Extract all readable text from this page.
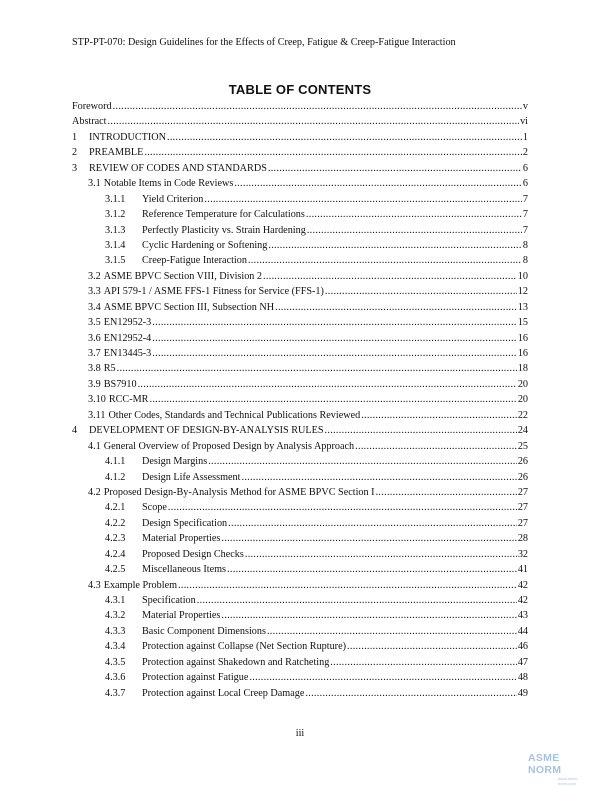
STP-PT-070: Design Guidelines for the Effects of Creep, Fatigue & Creep-Fatigue Interaction
TABLE OF CONTENTS
Foreword .....	v
Abstract .....	vi
1	INTRODUCTION .....	1
2	PREAMBLE .....	2
3	REVIEW OF CODES AND STANDARDS .....	6
3.1 Notable Items in Code Reviews .....	6
3.1.1	Yield Criterion .....	7
3.1.2	Reference Temperature for Calculations .....	7
3.1.3	Perfectly Plasticity vs. Strain Hardening .....	7
3.1.4	Cyclic Hardening or Softening .....	8
3.1.5	Creep-Fatigue Interaction .....	8
3.2 ASME BPVC Section VIII, Division 2 .....	10
3.3 API 579-1 / ASME FFS-1 Fitness for Service (FFS-1) .....	12
3.4 ASME BPVC Section III, Subsection NH .....	13
3.5 EN12952-3 .....	15
3.6 EN12952-4 .....	16
3.7 EN13445-3 .....	16
3.8 R5 .....	18
3.9 BS7910 .....	20
3.10 RCC-MR .....	20
3.11 Other Codes, Standards and Technical Publications Reviewed .....	22
4	DEVELOPMENT OF DESIGN-BY-ANALYSIS RULES .....	24
4.1 General Overview of Proposed Design by Analysis Approach .....	25
4.1.1	Design Margins .....	26
4.1.2	Design Life Assessment .....	26
4.2 Proposed Design-By-Analysis Method for ASME BPVC Section I .....	27
4.2.1	Scope .....	27
4.2.2	Design Specification .....	27
4.2.3	Material Properties .....	28
4.2.4	Proposed Design Checks .....	32
4.2.5	Miscellaneous Items .....	41
4.3 Example Problem .....	42
4.3.1	Specification .....	42
4.3.2	Material Properties .....	43
4.3.3	Basic Component Dimensions .....	44
4.3.4	Protection against Collapse (Net Section Rupture) .....	46
4.3.5	Protection against Shakedown and Ratcheting .....	47
4.3.6	Protection against Fatigue .....	48
4.3.7	Protection against Local Creep Damage .....	49
iii
ASME NORM
www.asme-norm.com
